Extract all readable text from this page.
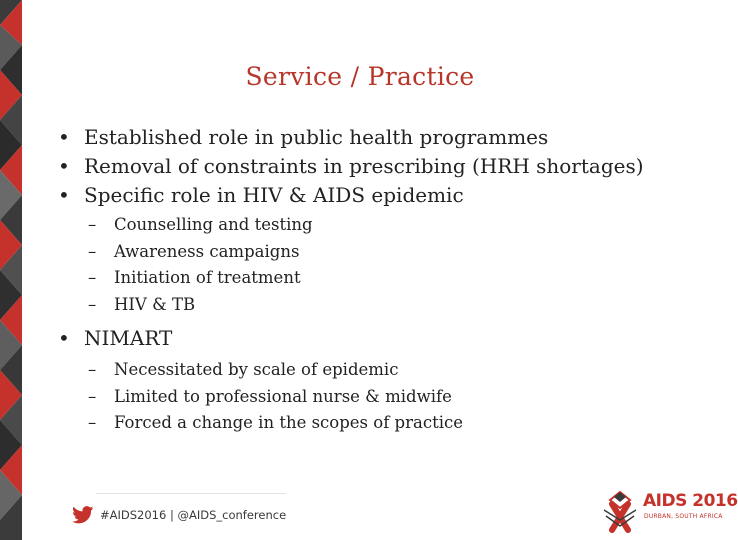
Service / Practice
• Established role in public health programmes
• Removal of constraints in prescribing (HRH shortages)
• Specific role in HIV & AIDS epidemic
– Counselling and testing
– Awareness campaigns
– Initiation of treatment
– HIV & TB
• NIMART
– Necessitated by scale of epidemic
– Limited to professional nurse & midwife
– Forced a change in the scopes of practice
#AIDS2016 | @AIDS_conference
AIDS 2016
DURBAN, SOUTH AFRICA
